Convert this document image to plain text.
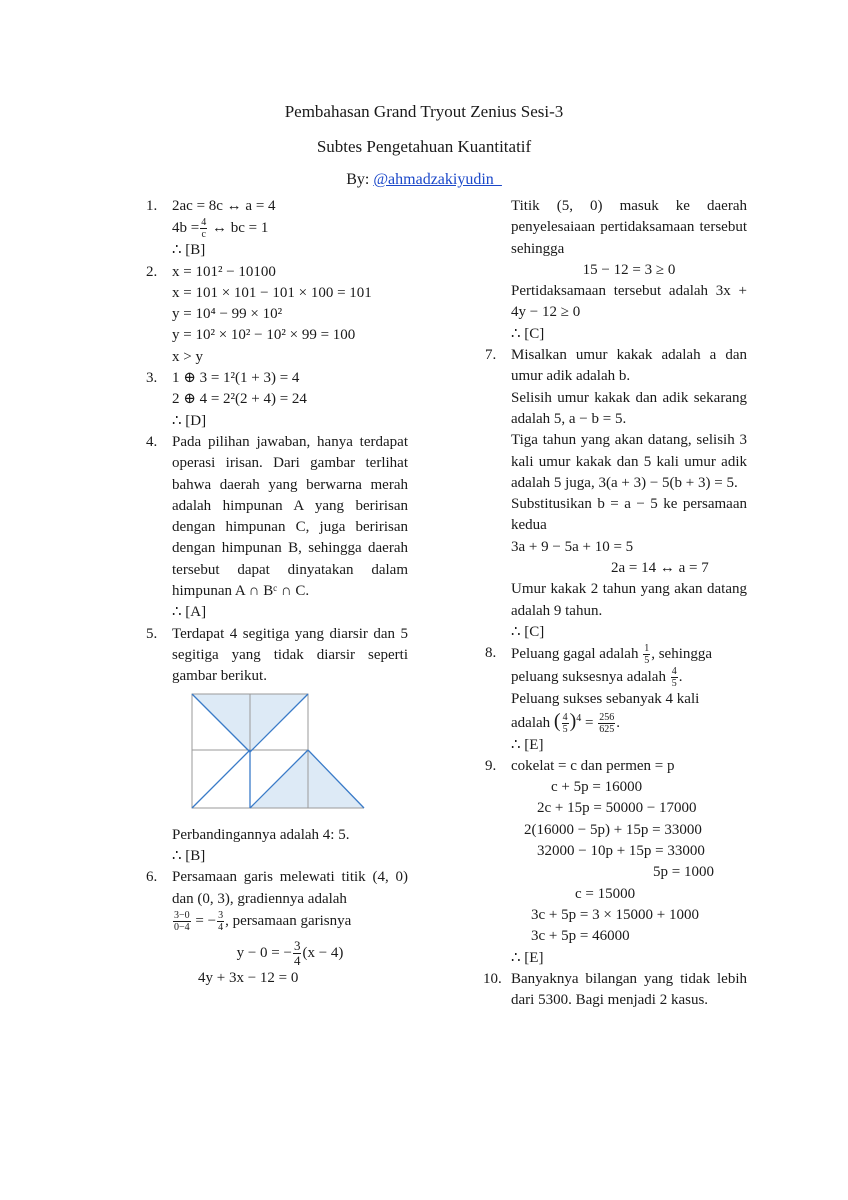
Pembahasan Grand Tryout Zenius Sesi-3
Subtes Pengetahuan Kuantitatif
By: @ahmadzakiyudin_
1. 2ac = 8c ↔ a = 4
$4b = \frac{4}{c}$ ↔ bc = 1
∴ [B]
2. x = 101² − 10100
x = 101 × 101 − 101 × 100 = 101
y = 10⁴ − 99 × 10²
y = 10² × 10² − 10² × 99 = 100
x > y
3. 1 ⊕ 3 = 1²(1 + 3) = 4
2 ⊕ 4 = 2²(2 + 4) = 24
∴ [D]
4. Pada pilihan jawaban, hanya terdapat operasi irisan. Dari gambar terlihat bahwa daerah yang berwarna merah adalah himpunan A yang beririsan dengan himpunan C, juga beririsan dengan himpunan B, sehingga daerah tersebut dapat dinyatakan dalam himpunan A ∩ Bᶜ ∩ C.
∴ [A]
5. Terdapat 4 segitiga yang diarsir dan 5 segitiga yang tidak diarsir seperti gambar berikut.
Perbandingannya adalah 4: 5.
∴ [B]
6. Persamaan garis melewati titik (4, 0) dan (0, 3), gradiennya adalah
$\frac{3-0}{0-4}$ = − $\frac{3}{4}$ , persamaan garisnya
y − 0 = − $\frac{3}{4} (x - 4)$
4y + 3x − 12 = 0
Titik (5, 0) masuk ke daerah penyelesaiaan pertidaksamaan tersebut sehingga
15 − 12 = 3 ≥ 0
Pertidaksamaan tersebut adalah 3x + 4y − 12 ≥ 0
∴ [C]
7. Misalkan umur kakak adalah a dan umur adik adalah b.
Selisih umur kakak dan adik sekarang adalah 5, a − b = 5.
Tiga tahun yang akan datang, selisih 3 kali umur kakak dan 5 kali umur adik adalah 5 juga, 3(a + 3) − 5(b + 3) = 5.
Substitusikan b = a − 5 ke persamaan kedua
3a + 9 − 5a + 10 = 5
2a = 14 ↔ a = 7
Umur kakak 2 tahun yang akan datang adalah 9 tahun.
∴ [C]
8. Peluang gagal adalah $\frac{1}{5}$ , sehingga
peluang suksesnya adalah $\frac{4}{5}$ .
Peluang sukses sebanyak 4 kali
adalah ( $\frac{4}{5} )^4 = \frac{256}{625}$ .
∴ [E]
9. cokelat = c dan permen = p
c + 5p = 16000
2c + 15p = 50000 − 17000
2(16000 − 5p) + 15p = 33000
32000 − 10p + 15p = 33000
5p = 1000
c = 15000
3c + 5p = 3 × 15000 + 1000
3c + 5p = 46000
∴ [E]
10. Banyaknya bilangan yang tidak lebih dari 5300. Bagi menjadi 2 kasus.
